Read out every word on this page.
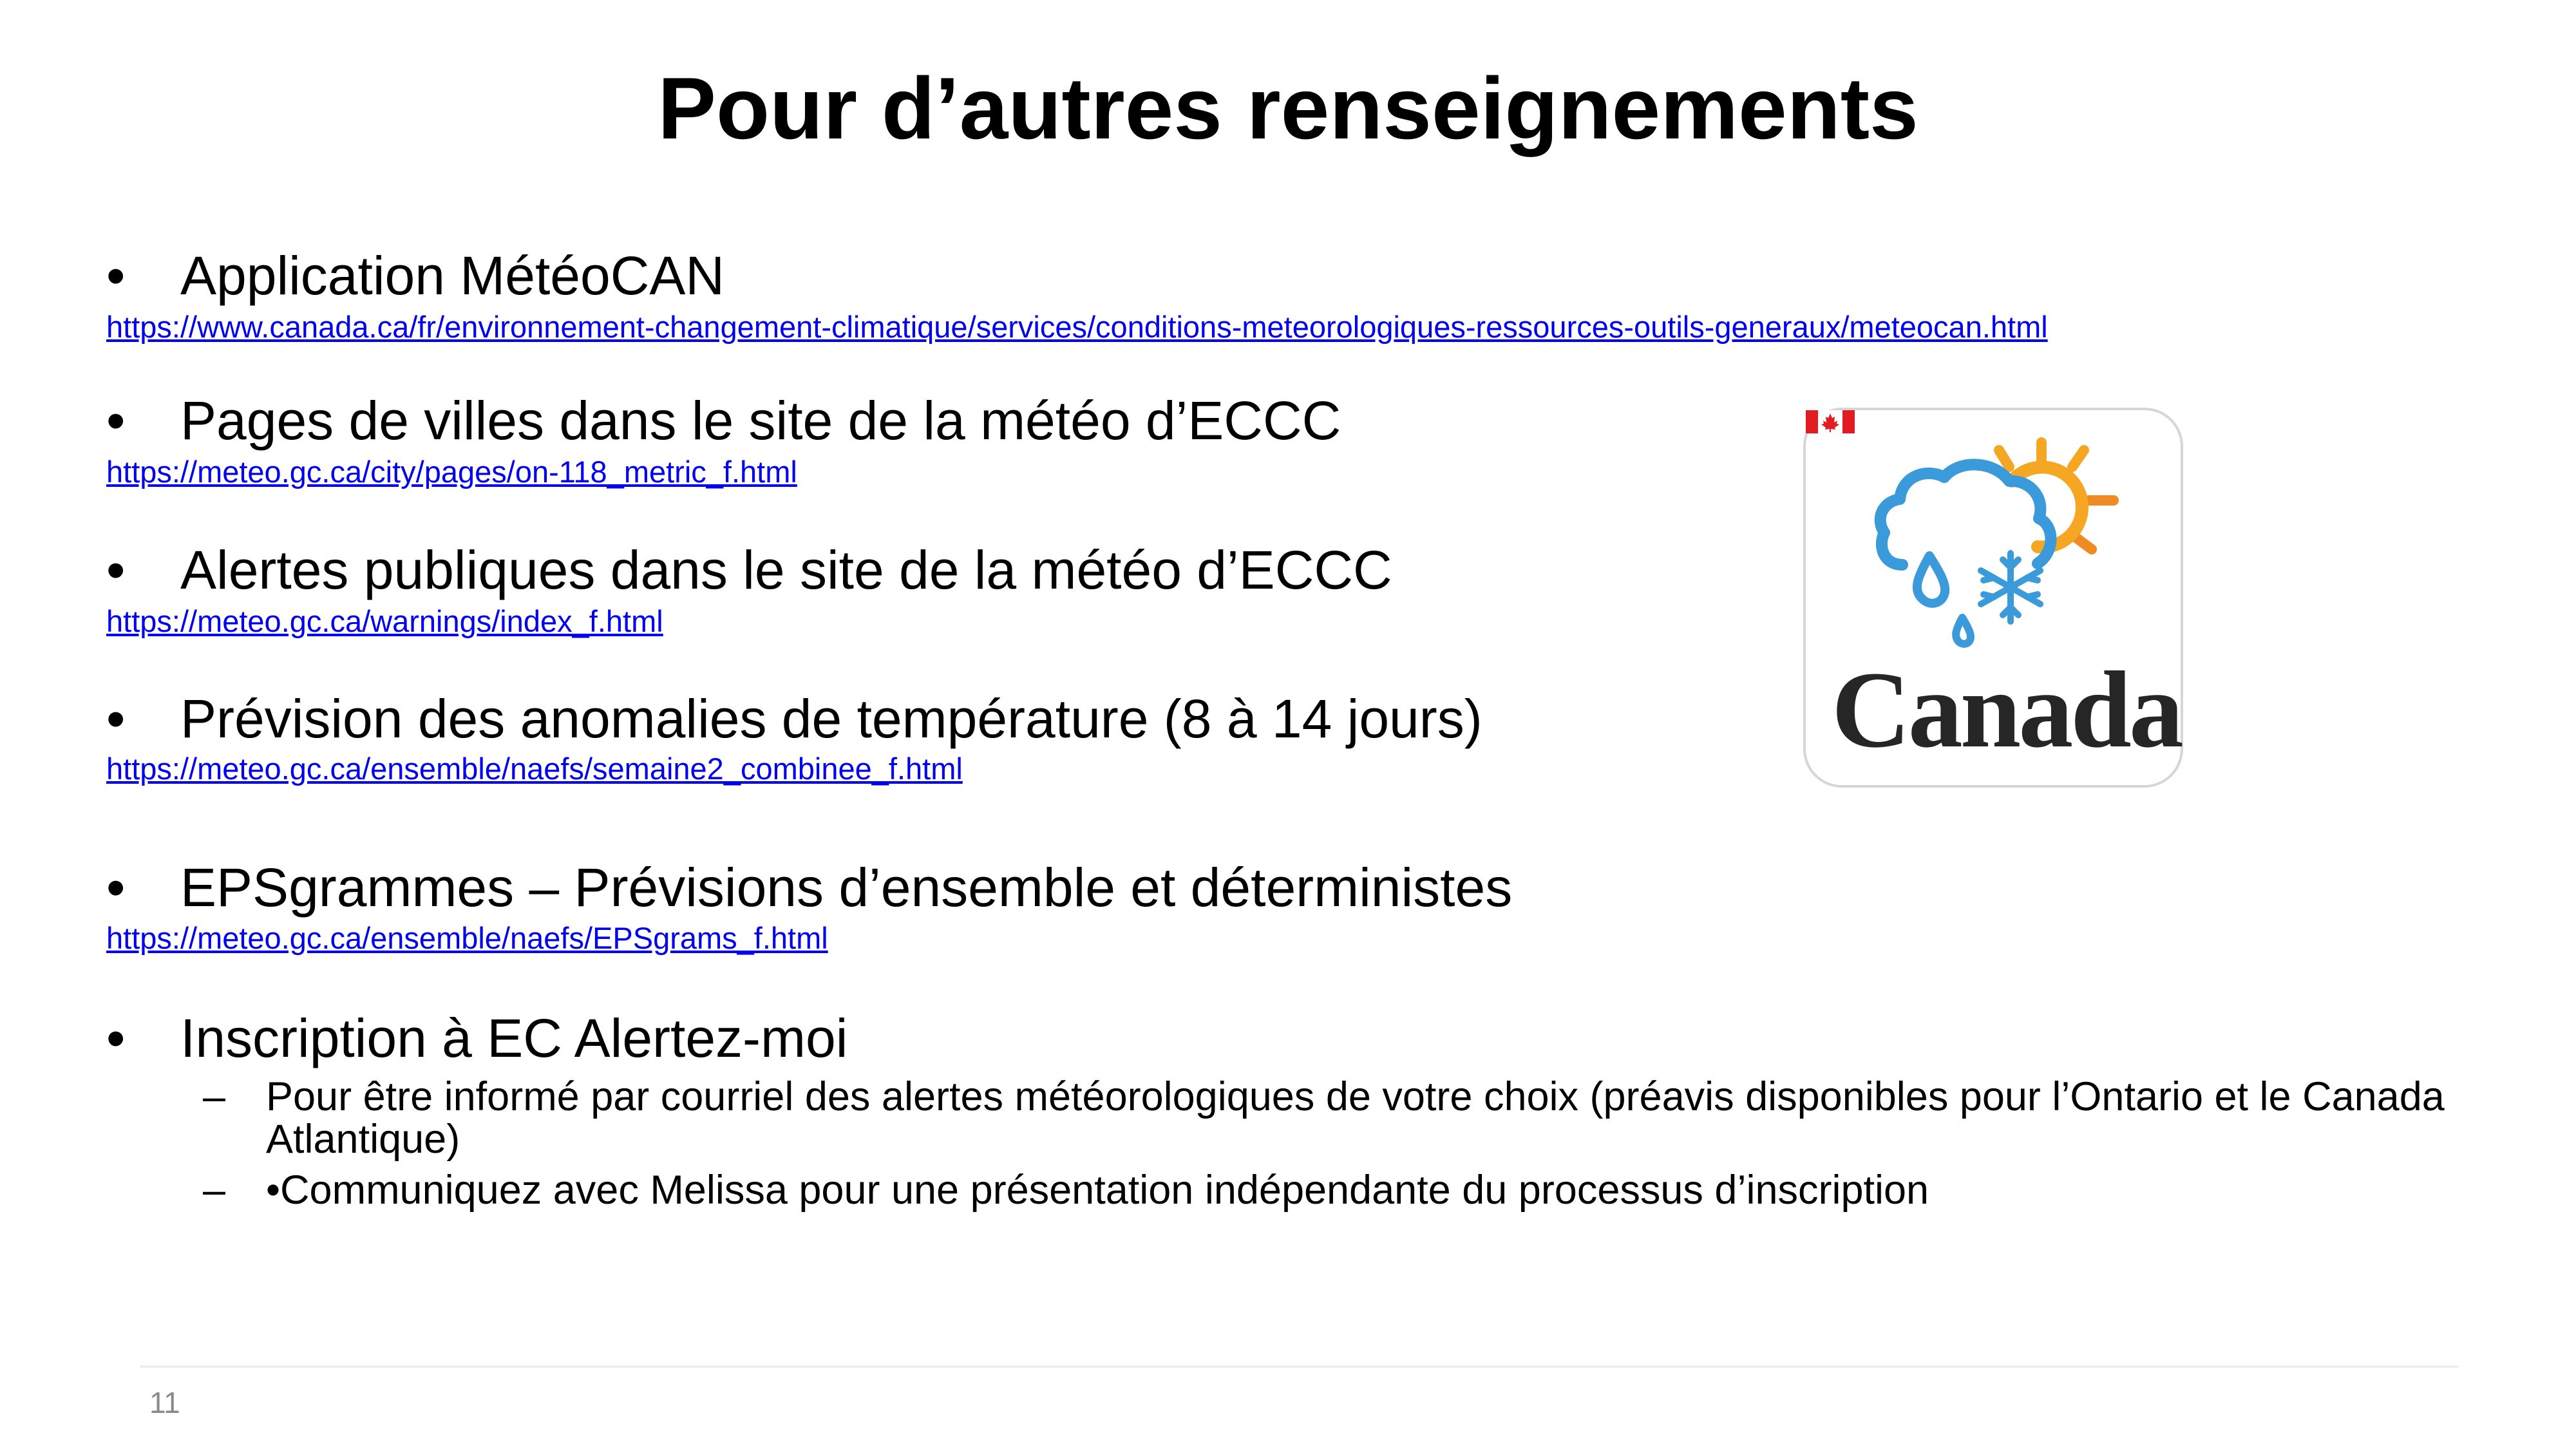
Pour d’autres renseignements
• Application MétéoCAN
https://www.canada.ca/fr/environnement-changement-climatique/services/conditions-meteorologiques-ressources-outils-generaux/meteocan.html
• Pages de villes dans le site de la météo d’ECCC
https://meteo.gc.ca/city/pages/on-118_metric_f.html
• Alertes publiques dans le site de la météo d’ECCC
https://meteo.gc.ca/warnings/index_f.html
• Prévision des anomalies de température (8 à 14 jours)
https://meteo.gc.ca/ensemble/naefs/semaine2_combinee_f.html
• EPSgrammes – Prévisions d’ensemble et déterministes
https://meteo.gc.ca/ensemble/naefs/EPSgrams_f.html
• Inscription à EC Alertez-moi
– Pour être informé par courriel des alertes météorologiques de votre choix (préavis disponibles pour l’Ontario et le Canada Atlantique)
– •Communiquez avec Melissa pour une présentation indépendante du processus d’inscription
Canada
11
